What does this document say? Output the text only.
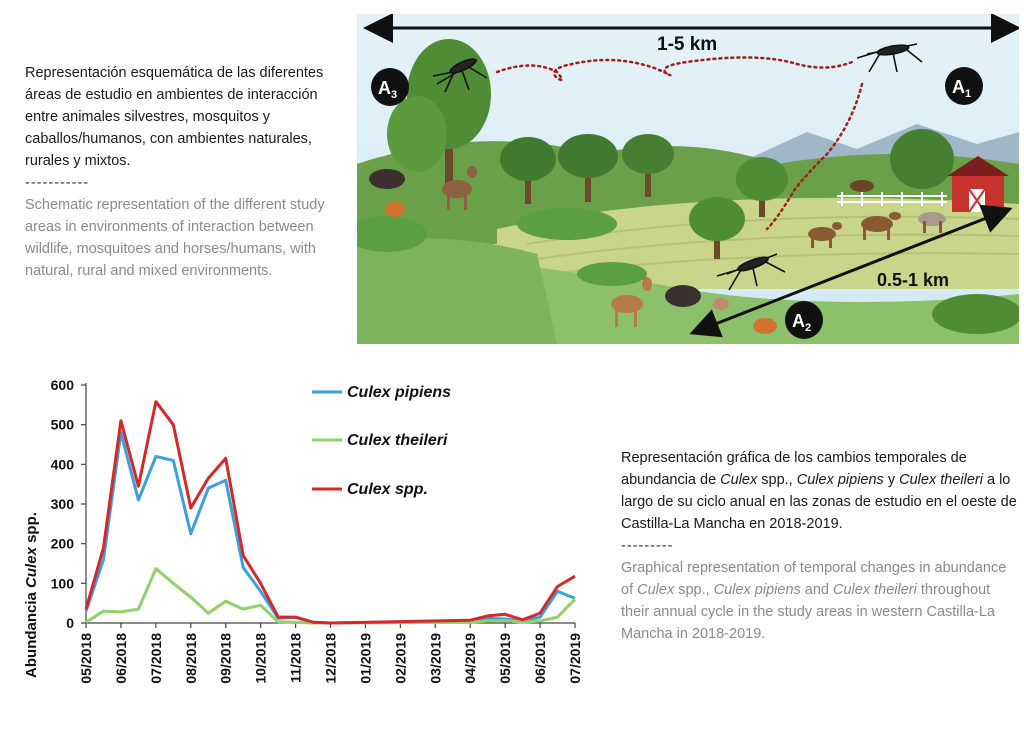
Representación esquemática de las diferentes áreas de estudio en ambientes de interacción entre animales silvestres, mosquitos y caballos/humanos, con ambientes naturales, rurales y mixtos.
-----------
Schematic representation of the different study areas in environments of interaction between wildlife, mosquitoes and horses/humans, with natural, rural and mixed environments.
1-5 km
0.5-1 km
$A_3$	$A_1$
$A_2$
0
100
200
300
400
500
600
05/2018 06/2018 07/2018 08/2018 09/2018 10/2018 11/2018 12/2018 01/2019 02/2019 03/2019 04/2019 05/2019 06/2019 07/2019
Abundancia Culex spp.
Culex pipiens
Culex theileri
Culex spp.
Representación gráfica de los cambios temporales de abundancia de Culex spp., Culex pipiens y Culex theileri a lo largo de su ciclo anual en las zonas de estudio en el oeste de Castilla-La Mancha en 2018-2019.
---------
Graphical representation of temporal changes in abundance of Culex spp., Culex pipiens and Culex theileri throughout their annual cycle in the study areas in western Castilla-La Mancha in 2018-2019.
